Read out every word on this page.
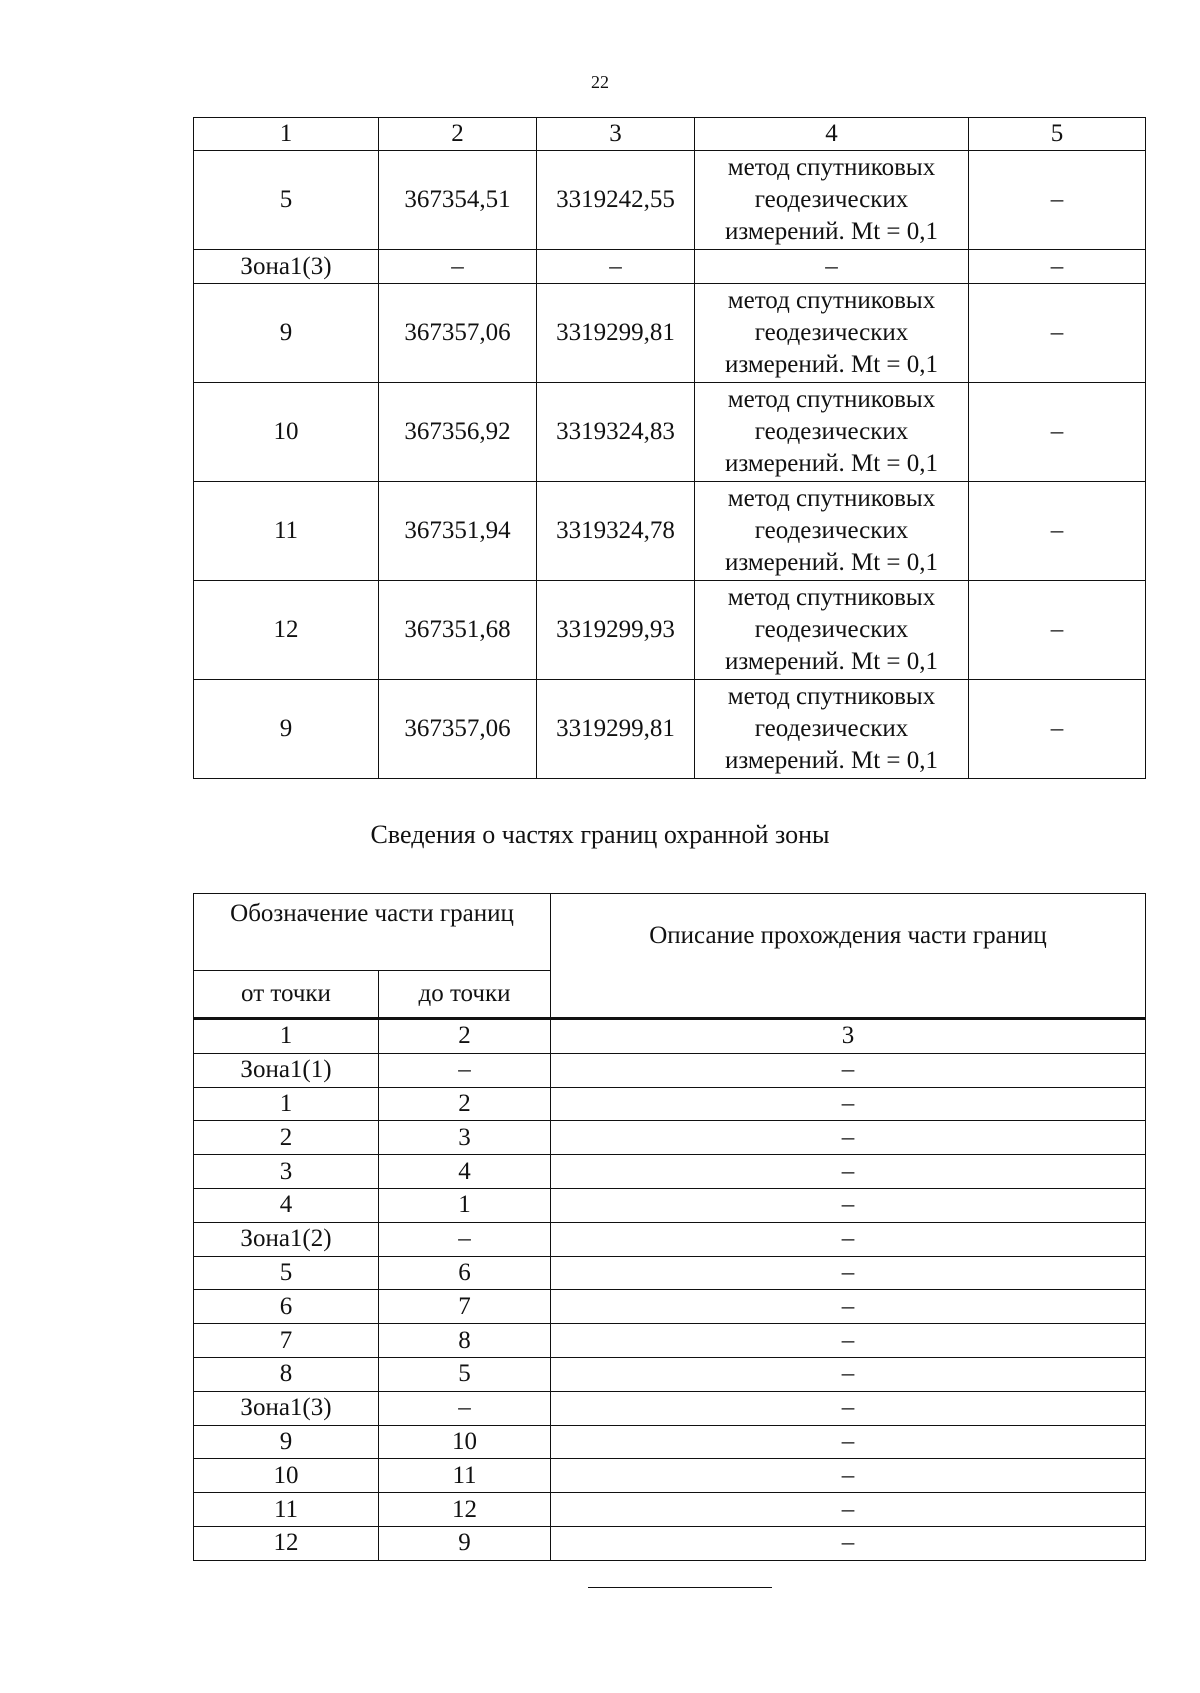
22
1	2	3	4	5
5	367354,51	3319242,55	метод спутниковых
геодезических
измерений. Mt = 0,1	–
Зона1(3)	–	–	–	–
9	367357,06	3319299,81	метод спутниковых
геодезических
измерений. Mt = 0,1	–
10	367356,92	3319324,83	метод спутниковых
геодезических
измерений. Mt = 0,1	–
11	367351,94	3319324,78	метод спутниковых
геодезических
измерений. Mt = 0,1	–
12	367351,68	3319299,93	метод спутниковых
геодезических
измерений. Mt = 0,1	–
9	367357,06	3319299,81	метод спутниковых
геодезических
измерений. Mt = 0,1	–
Сведения о частях границ охранной зоны
Обозначение части границ		Описание прохождения части границ
от точки	до точки	
1	2	3
Зона1(1)	–	–
1	2	–
2	3	–
3	4	–
4	1	–
Зона1(2)	–	–
5	6	–
6	7	–
7	8	–
8	5	–
Зона1(3)	–	–
9	10	–
10	11	–
11	12	–
12	9	–
